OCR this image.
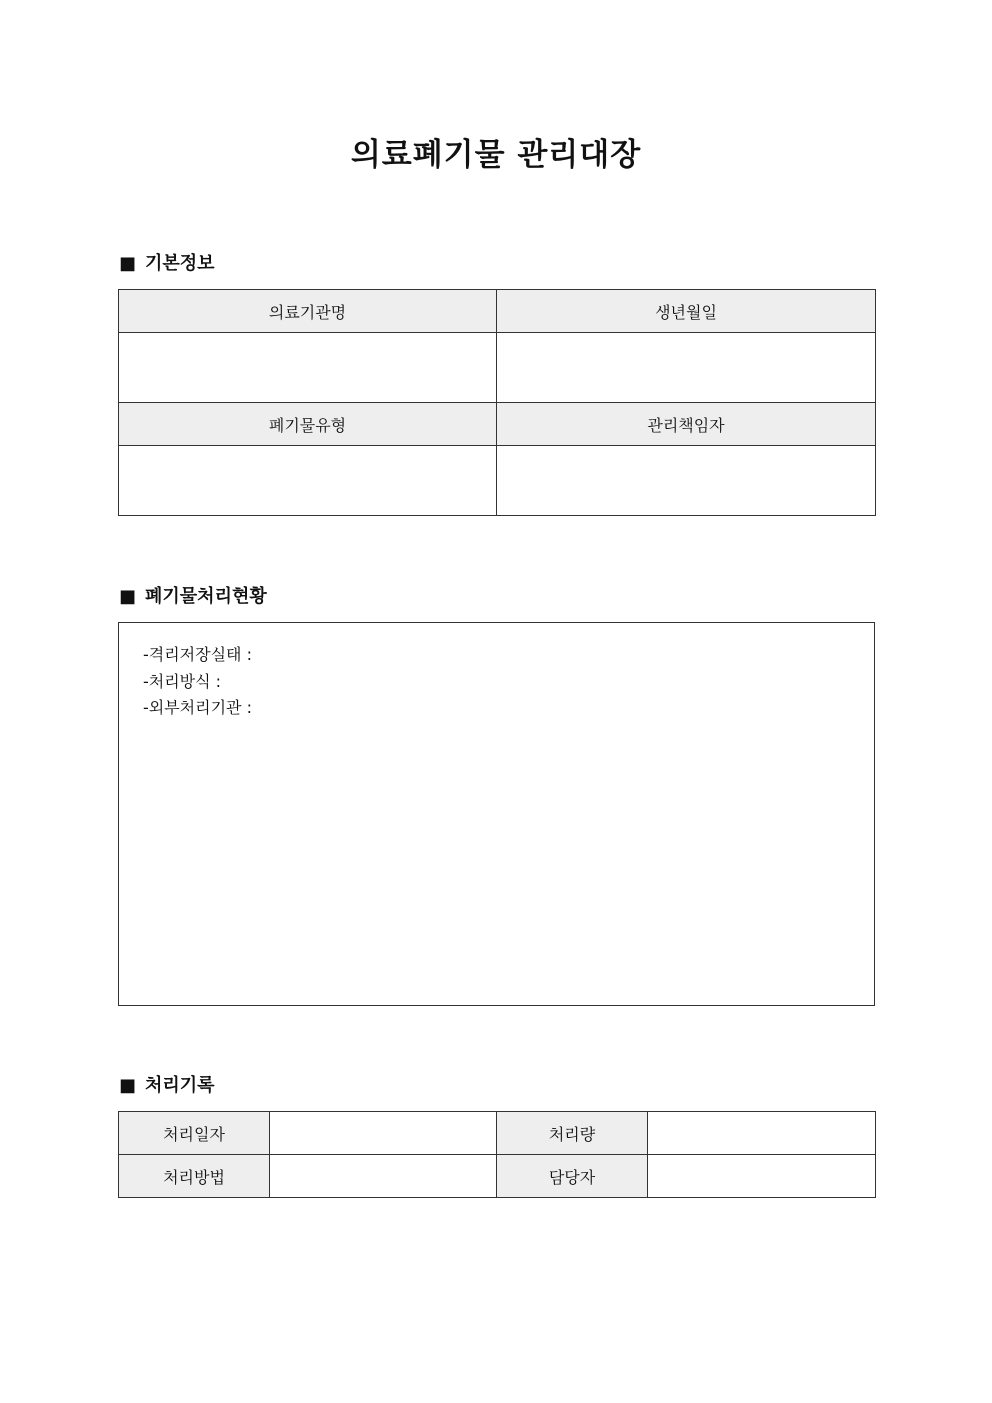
의료폐기물 관리대장
■ 기본정보
의료기관명	생년월일

폐기물유형	관리책임자

■ 폐기물처리현황
-격리저장실태 :
-처리방식 :
-외부처리기관 :
■ 처리기록
처리일자		처리량	
처리방법		담당자	
